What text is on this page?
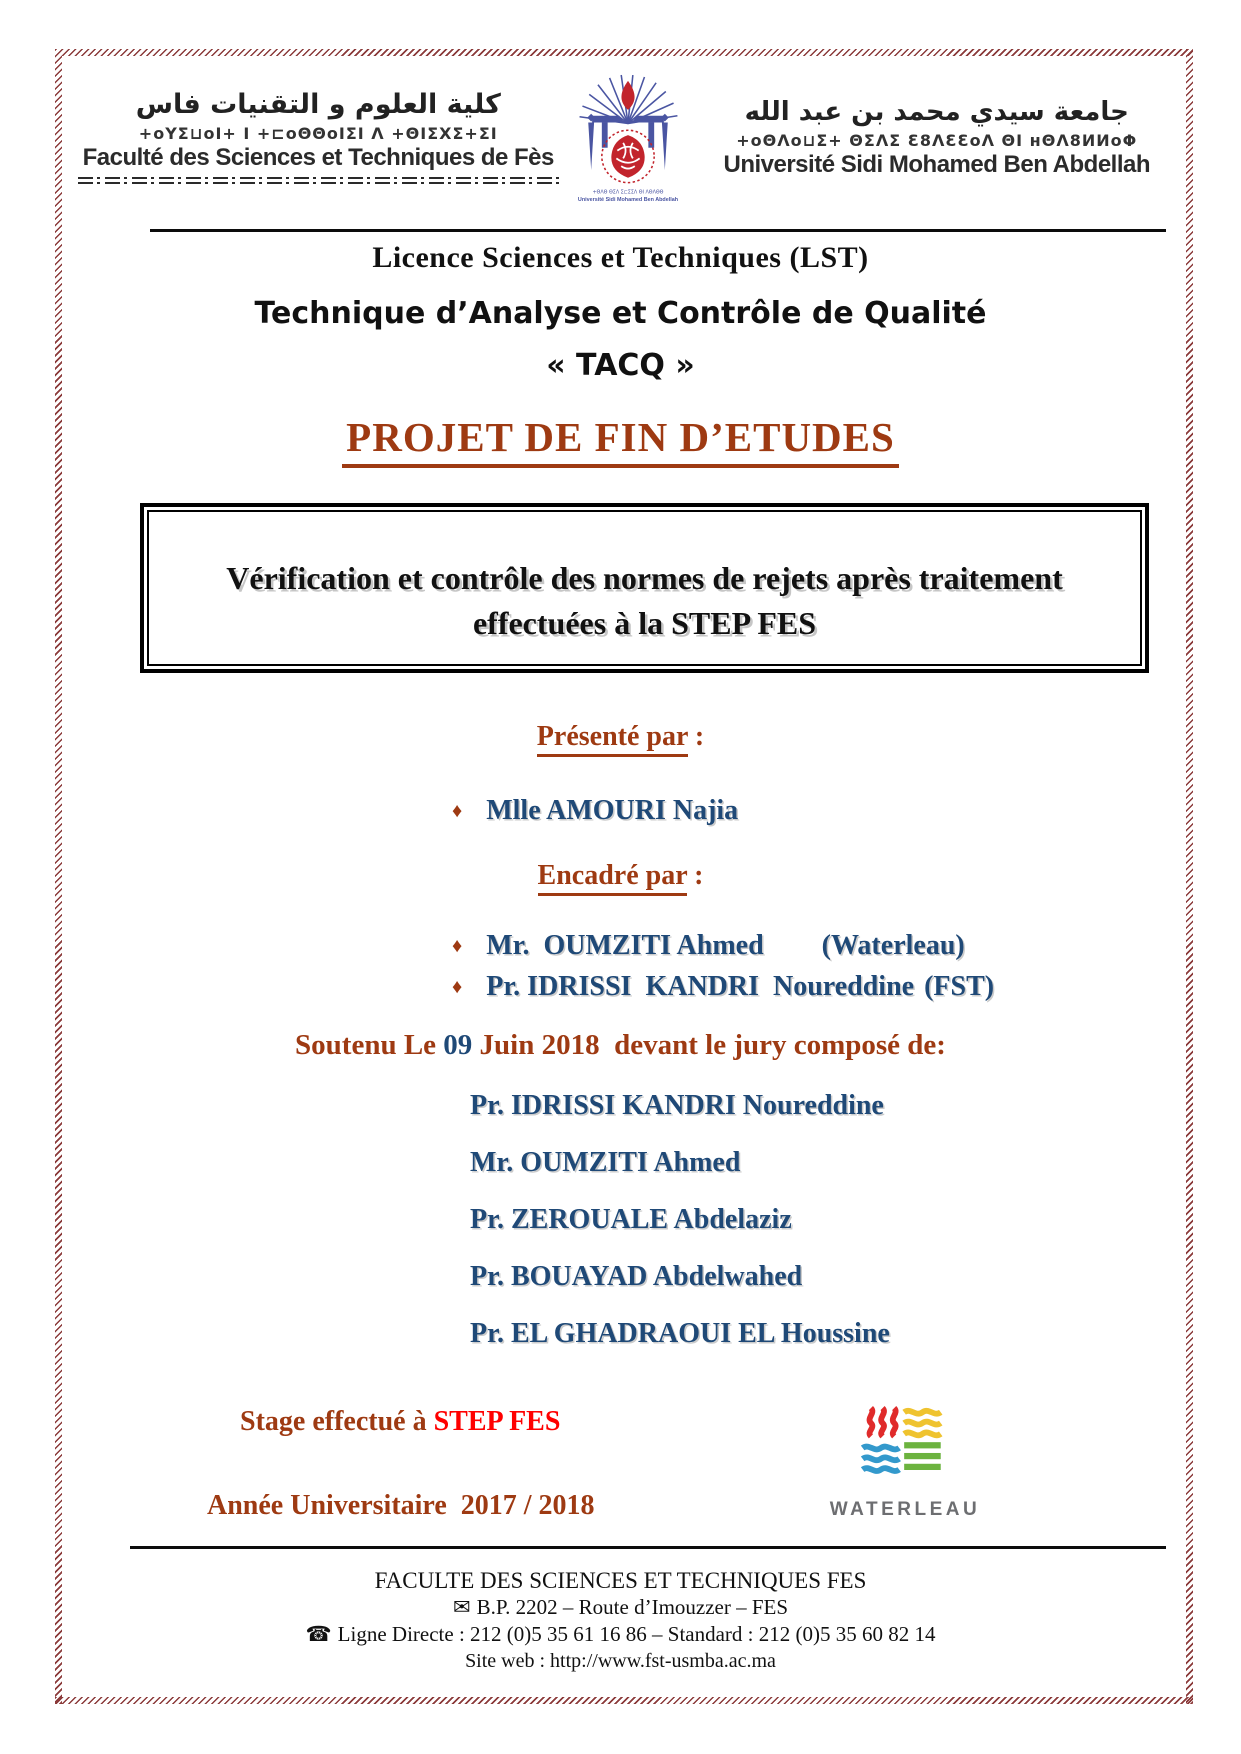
كلية العلوم و التقنيات فاس
+oYΣ⊔oI+ I +⊏oΘΘoIΣI Λ +ΘIΣXΣ+ΣI
Faculté des Sciences et Techniques de Fès
+ΘΛΘ ΘΣΛ Σ⊏ΣΣΛ ΘΙ ΛΘΛΘΘ
Université Sidi Mohamed Ben Abdellah
جامعة سيدي محمد بن عبد الله
+oΘΛo⊔Σ+ ΘΣΛΣ Ɛ8ΛƐƐoΛ ΘΙ ʜΘΛ8ИИoΦ
Université Sidi Mohamed Ben Abdellah
Licence Sciences et Techniques (LST)
Technique d’Analyse et Contrôle de Qualité
« TACQ »
PROJET DE FIN D’ETUDES
Vérification et contrôle des normes de rejets après traitement
effectuées à la STEP FES
Présenté par :
♦ Mlle AMOURI Najia
Encadré par :
♦ Mr.  OUMZITI Ahmed (Waterleau)
♦ Pr. IDRISSI  KANDRI  Noureddine (FST)
Soutenu Le 09 Juin 2018  devant le jury composé de:
Pr. IDRISSI KANDRI Noureddine
Mr. OUMZITI Ahmed
Pr. ZEROUALE Abdelaziz
Pr. BOUAYAD Abdelwahed
Pr. EL GHADRAOUI EL Houssine
Stage effectué à STEP FES
Année Universitaire  2017 / 2018	WATERLEAU
FACULTE DES SCIENCES ET TECHNIQUES FES
✉ B.P. 2202 – Route d’Imouzzer – FES
☎ Ligne Directe : 212 (0)5 35 61 16 86 – Standard : 212 (0)5 35 60 82 14
Site web : http://www.fst-usmba.ac.ma
